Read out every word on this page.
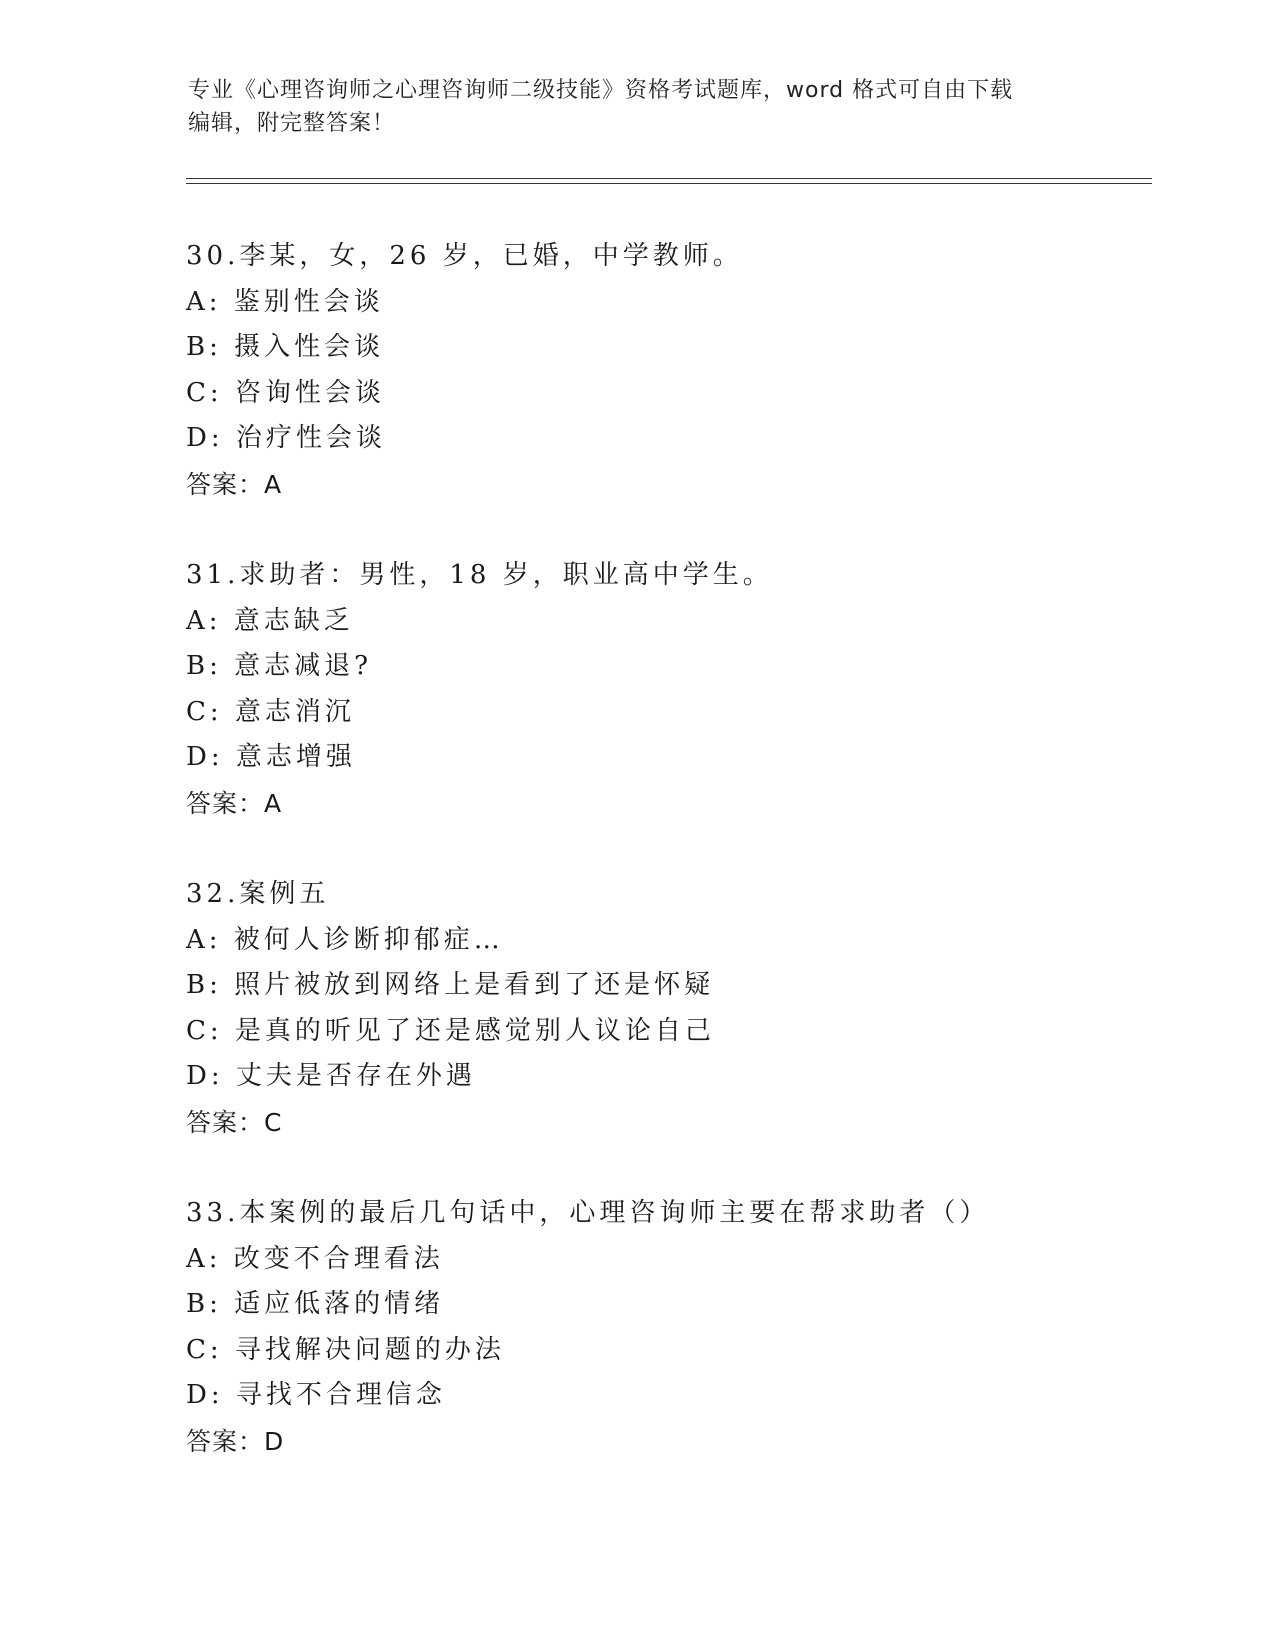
专业《心理咨询师之心理咨询师二级技能》资格考试题库，word 格式可自由下载
编辑，附完整答案！
30.李某，女，26 岁，已婚，中学教师。
A: 鉴别性会谈
B: 摄入性会谈
C: 咨询性会谈
D: 治疗性会谈
答案：A
31.求助者：男性，18 岁，职业高中学生。
A: 意志缺乏
B: 意志减退?
C: 意志消沉
D: 意志增强
答案：A
32.案例五
A: 被何人诊断抑郁症…
B: 照片被放到网络上是看到了还是怀疑
C: 是真的听见了还是感觉别人议论自己
D: 丈夫是否存在外遇
答案：C
33.本案例的最后几句话中，心理咨询师主要在帮求助者（）
A: 改变不合理看法
B: 适应低落的情绪
C: 寻找解决问题的办法
D: 寻找不合理信念
答案：D
